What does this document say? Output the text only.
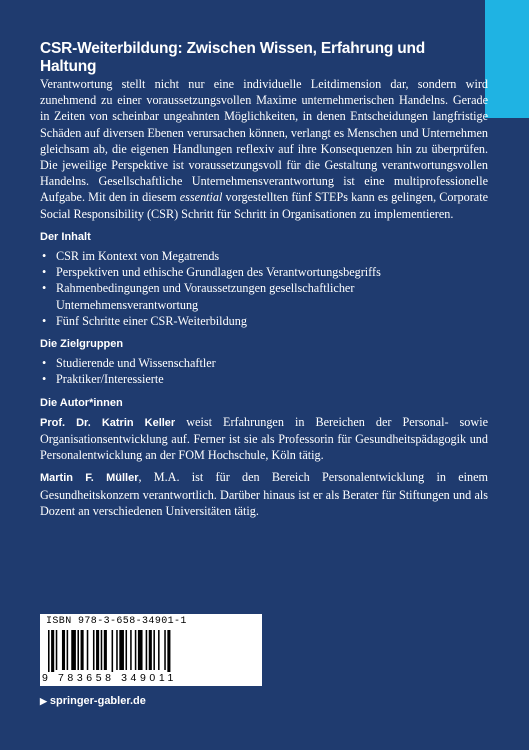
CSR-Weiterbildung: Zwischen Wissen, Erfahrung und Haltung

Verantwortung stellt nicht nur eine individuelle Leitdimension dar, sondern wird zunehmend zu einer voraussetzungsvollen Maxime unternehmerischen Handelns. Gerade in Zeiten von scheinbar ungeahnten Möglichkeiten, in denen Entscheidungen langfristige Schäden auf diversen Ebenen verursachen können, verlangt es Menschen und Unternehmen gleichsam ab, die eigenen Handlungen reflexiv auf ihre Konsequenzen hin zu überprüfen. Die jeweilige Perspektive ist voraussetzungsvoll für die Gestaltung verantwortungsvollen Handelns. Gesellschaftliche Unternehmensverantwortung ist eine multiprofessionelle Aufgabe. Mit den in diesem essential vorgestellten fünf STEPs kann es gelingen, Corporate Social Responsibility (CSR) Schritt für Schritt in Organisationen zu implementieren.

Der Inhalt
• CSR im Kontext von Megatrends
• Perspektiven und ethische Grundlagen des Verantwortungsbegriffs
• Rahmenbedingungen und Voraussetzungen gesellschaftlicher Unternehmensverantwortung
• Fünf Schritte einer CSR-Weiterbildung
Die Zielgruppen
• Studierende und Wissenschaftler
• Praktiker/Interessierte
Die Autor*innen

Prof. Dr. Katrin Keller weist Erfahrungen in Bereichen der Personal- sowie Organisationsentwicklung auf. Ferner ist sie als Professorin für Gesundheitspädagogik und Personalentwicklung an der FOM Hochschule, Köln tätig.

Martin F. Müller, M.A. ist für den Bereich Personalentwicklung in einem Gesundheitskonzern verantwortlich. Darüber hinaus ist er als Berater für Stiftungen und als Dozent an verschiedenen Universitäten tätig.

ISBN 978-3-658-34901-1
9 783658 349011
▶ springer-gabler.de
